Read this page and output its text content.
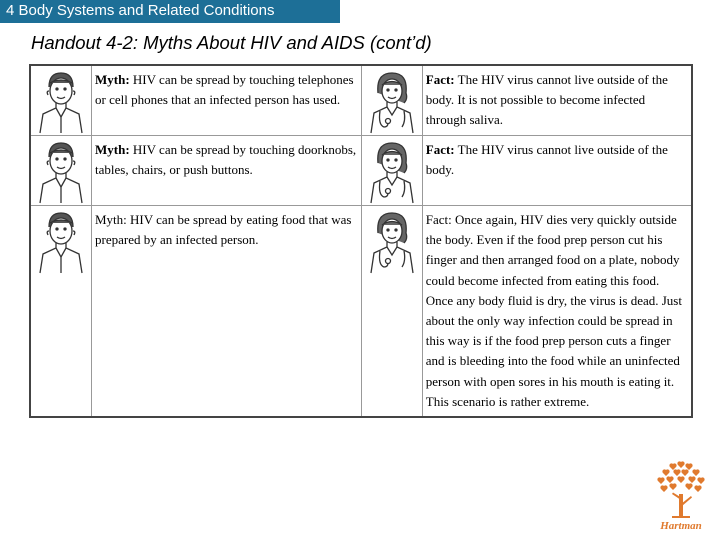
4 Body Systems and Related Conditions
Handout 4-2: Myths About HIV and AIDS (cont’d)
	Myth: HIV can be spread by touching telephones or cell phones that an infected person has used.		Fact: The HIV virus cannot live outside of the body. It is not possible to become infected through saliva.

	Myth: HIV can be spread by touching doorknobs, tables, chairs, or push buttons.		Fact: The HIV virus cannot live outside of the body.

	Myth: HIV can be spread by eating food that was prepared by an infected person.		Fact: Once again, HIV dies very quickly outside the body. Even if the food prep person cut his finger and then arranged food on a plate, nobody could become infected from eating this food. Once any body fluid is dry, the virus is dead. Just about the only way infection could be spread in this way is if the food prep person cuts a finger and is bleeding into the food while an uninfected person with open sores in his mouth is eating it. This scenario is rather extreme.
Hartman
